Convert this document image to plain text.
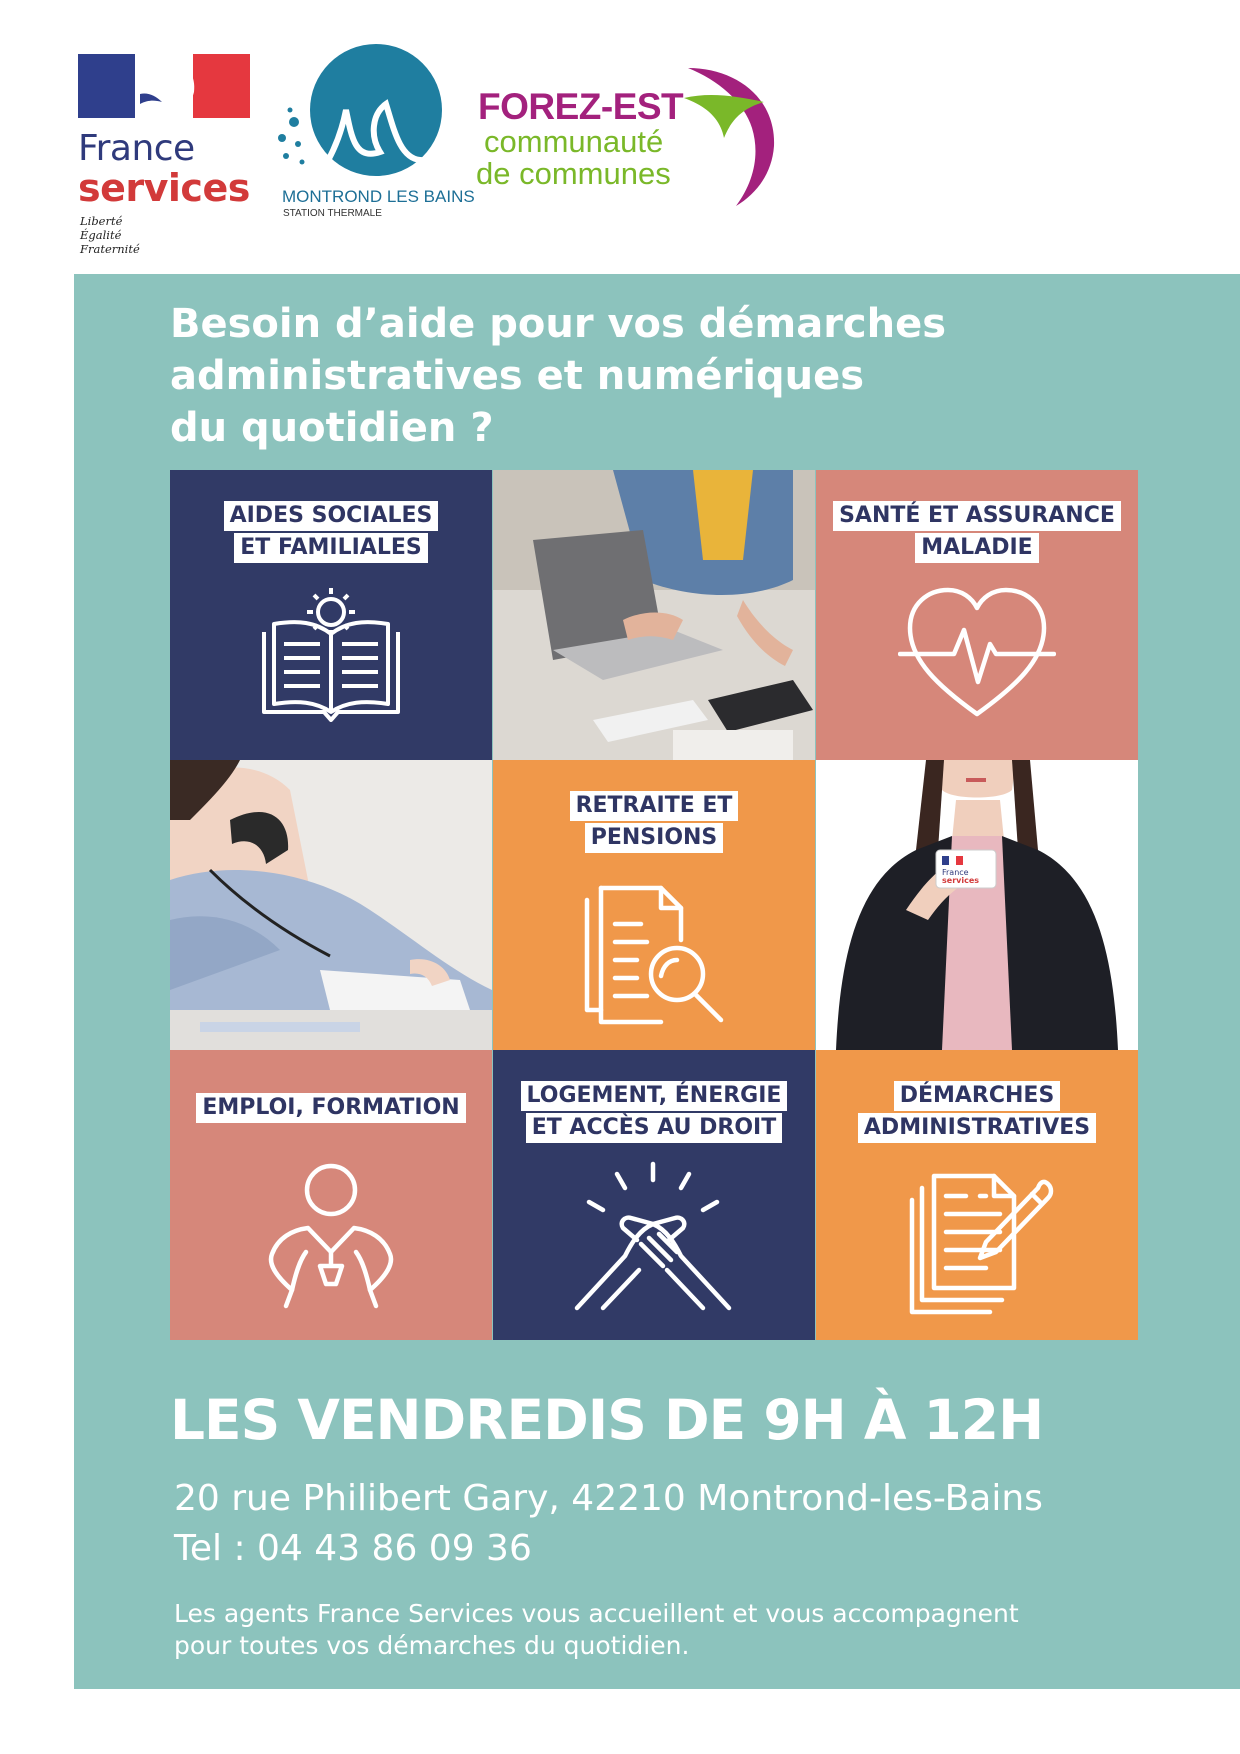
France
services
Liberté
Égalité
Fraternité
MONTROND LES BAINS
STATION THERMALE
FOREZ-EST
communauté
de communes
Besoin d’aide pour vos démarches
administratives et numériques
du quotidien ?
AIDES SOCIALES
ET FAMILIALES
SANTÉ ET ASSURANCE
MALADIE
RETRAITE ET
PENSIONS
France
services
EMPLOI, FORMATION	LOGEMENT, ÉNERGIE
ET ACCÈS AU DROIT
DÉMARCHES
ADMINISTRATIVES
LES VENDREDIS DE 9H À 12H
20 rue Philibert Gary, 42210 Montrond-les-Bains
Tel : 04 43 86 09 36
Les agents France Services vous accueillent et vous accompagnent
pour toutes vos démarches du quotidien.
